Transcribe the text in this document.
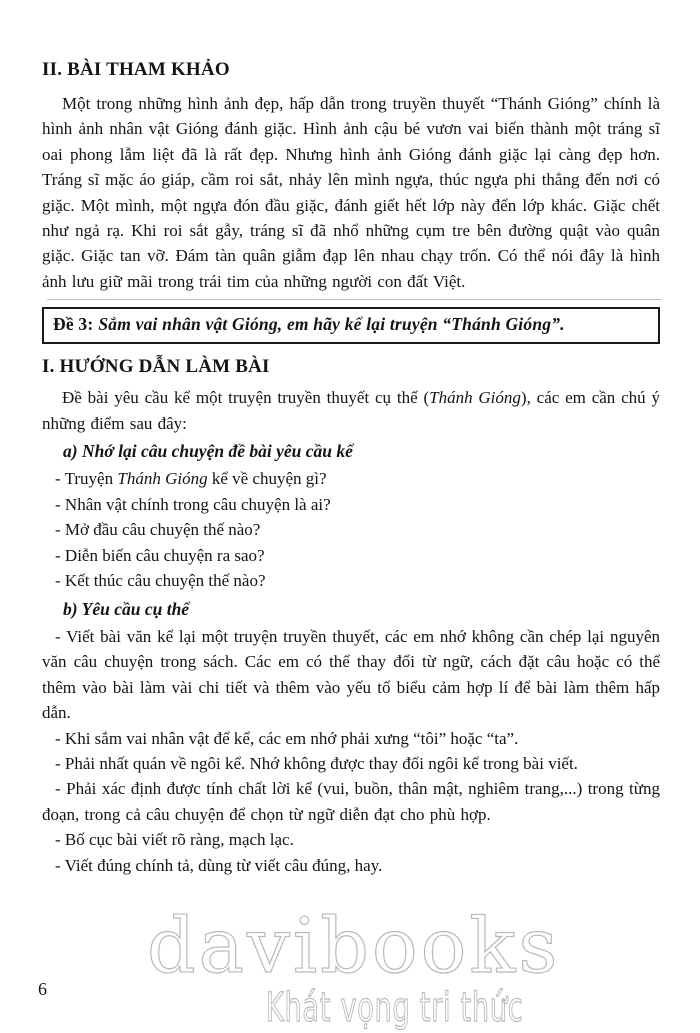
davibooks
Khát vọng tri thức
II. BÀI THAM KHẢO

Một trong những hình ảnh đẹp, hấp dẫn trong truyền thuyết “Thánh Gióng” chính là hình ảnh nhân vật Gióng đánh giặc. Hình ảnh cậu bé vươn vai biến thành một tráng sĩ oai phong lẫm liệt đã là rất đẹp. Nhưng hình ảnh Gióng đánh giặc lại càng đẹp hơn. Tráng sĩ mặc áo giáp, cầm roi sắt, nhảy lên mình ngựa, thúc ngựa phi thẳng đến nơi có giặc. Một mình, một ngựa đón đầu giặc, đánh giết hết lớp này đến lớp khác. Giặc chết như ngả rạ. Khi roi sắt gẫy, tráng sĩ đã nhổ những cụm tre bên đường quật vào quân giặc. Giặc tan vỡ. Đám tàn quân giẫm đạp lên nhau chạy trốn. Có thể nói đây là hình ảnh lưu giữ mãi trong trái tim của những người con đất Việt.

Đề 3: Sắm vai nhân vật Gióng, em hãy kể lại truyện “Thánh Gióng”.
I. HƯỚNG DẪN LÀM BÀI

Đề bài yêu cầu kể một truyện truyền thuyết cụ thể (Thánh Gióng), các em cần chú ý những điểm sau đây:

a) Nhớ lại câu chuyện đề bài yêu cầu kể

- Truyện Thánh Gióng kể về chuyện gì?

- Nhân vật chính trong câu chuyện là ai?

- Mở đầu câu chuyện thế nào?

- Diễn biến câu chuyện ra sao?

- Kết thúc câu chuyện thế nào?

b) Yêu cầu cụ thể

- Viết bài văn kể lại một truyện truyền thuyết, các em nhớ không cần chép lại nguyên văn câu chuyện trong sách. Các em có thể thay đổi từ ngữ, cách đặt câu hoặc có thể thêm vào bài làm vài chi tiết và thêm vào yếu tố biểu cảm hợp lí để bài làm thêm hấp dẫn.

- Khi sắm vai nhân vật để kể, các em nhớ phải xưng “tôi” hoặc “ta”.

- Phải nhất quán về ngôi kể. Nhớ không được thay đổi ngôi kể trong bài viết.

- Phải xác định được tính chất lời kể (vui, buồn, thân mật, nghiêm trang,...) trong từng đoạn, trong cả câu chuyện để chọn từ ngữ diễn đạt cho phù hợp.

- Bố cục bài viết rõ ràng, mạch lạc.

- Viết đúng chính tả, dùng từ viết câu đúng, hay.

6
